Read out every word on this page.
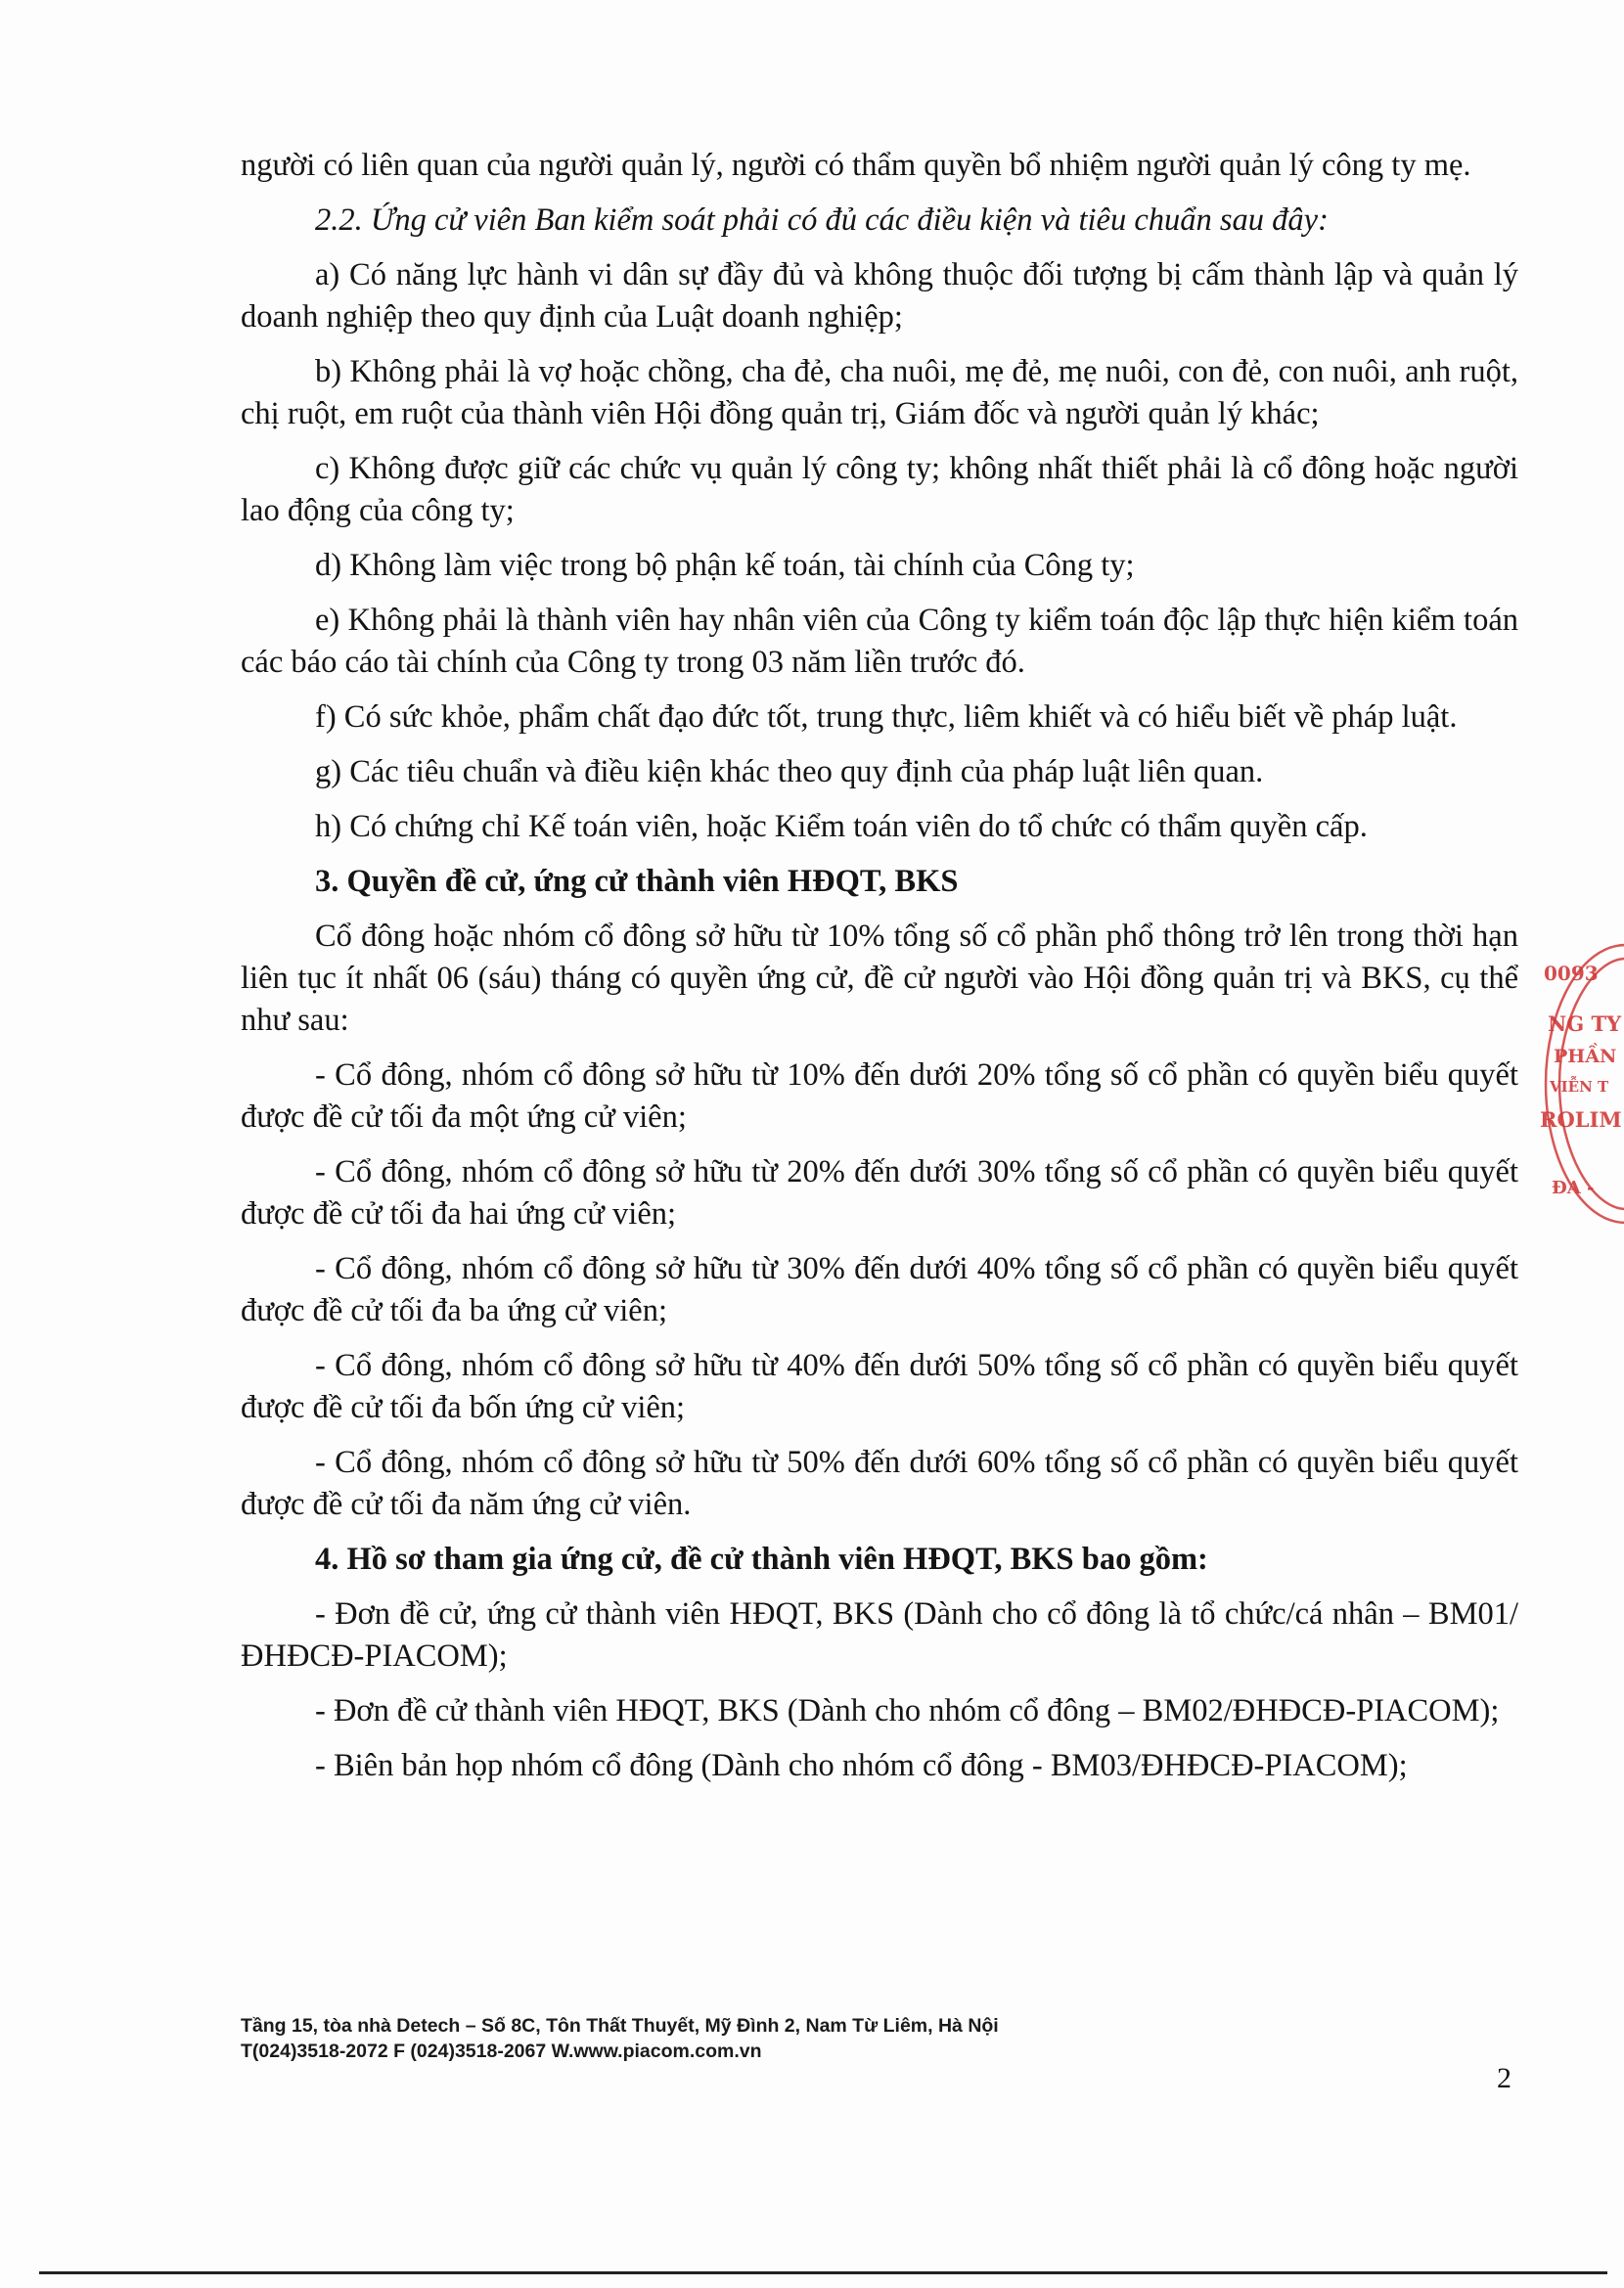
người có liên quan của người quản lý, người có thẩm quyền bổ nhiệm người quản lý công ty mẹ.

2.2. Ứng cử viên Ban kiểm soát phải có đủ các điều kiện và tiêu chuẩn sau đây:

a) Có năng lực hành vi dân sự đầy đủ và không thuộc đối tượng bị cấm thành lập và quản lý doanh nghiệp theo quy định của Luật doanh nghiệp;

b) Không phải là vợ hoặc chồng, cha đẻ, cha nuôi, mẹ đẻ, mẹ nuôi, con đẻ, con nuôi, anh ruột, chị ruột, em ruột của thành viên Hội đồng quản trị, Giám đốc và người quản lý khác;

c) Không được giữ các chức vụ quản lý công ty; không nhất thiết phải là cổ đông hoặc người lao động của công ty;

d) Không làm việc trong bộ phận kế toán, tài chính của Công ty;

e) Không phải là thành viên hay nhân viên của Công ty kiểm toán độc lập thực hiện kiểm toán các báo cáo tài chính của Công ty trong 03 năm liền trước đó.

f) Có sức khỏe, phẩm chất đạo đức tốt, trung thực, liêm khiết và có hiểu biết về pháp luật.

g) Các tiêu chuẩn và điều kiện khác theo quy định của pháp luật liên quan.

h) Có chứng chỉ Kế toán viên, hoặc Kiểm toán viên do tổ chức có thẩm quyền cấp.

3. Quyền đề cử, ứng cử thành viên HĐQT, BKS

Cổ đông hoặc nhóm cổ đông sở hữu từ 10% tổng số cổ phần phổ thông trở lên trong thời hạn liên tục ít nhất 06 (sáu) tháng có quyền ứng cử, đề cử người vào Hội đồng quản trị và BKS, cụ thể như sau:

- Cổ đông, nhóm cổ đông sở hữu từ 10% đến dưới 20% tổng số cổ phần có quyền biểu quyết được đề cử tối đa một ứng cử viên;

- Cổ đông, nhóm cổ đông sở hữu từ 20% đến dưới 30% tổng số cổ phần có quyền biểu quyết được đề cử tối đa hai ứng cử viên;

- Cổ đông, nhóm cổ đông sở hữu từ 30% đến dưới 40% tổng số cổ phần có quyền biểu quyết được đề cử tối đa ba ứng cử viên;

- Cổ đông, nhóm cổ đông sở hữu từ 40% đến dưới 50% tổng số cổ phần có quyền biểu quyết được đề cử tối đa bốn ứng cử viên;

- Cổ đông, nhóm cổ đông sở hữu từ 50% đến dưới 60% tổng số cổ phần có quyền biểu quyết được đề cử tối đa năm ứng cử viên.

4. Hồ sơ tham gia ứng cử, đề cử thành viên HĐQT, BKS bao gồm:

- Đơn đề cử, ứng cử thành viên HĐQT, BKS (Dành cho cổ đông là tổ chức/cá nhân – BM01/ĐHĐCĐ-PIACOM);

- Đơn đề cử thành viên HĐQT, BKS (Dành cho nhóm cổ đông – BM02/ĐHĐCĐ-PIACOM);

- Biên bản họp nhóm cổ đông (Dành cho nhóm cổ đông - BM03/ĐHĐCĐ-PIACOM);

Tầng 15, tòa nhà Detech – Số 8C, Tôn Thất Thuyết, Mỹ Đình 2, Nam Từ Liêm, Hà Nội
T(024)3518-2072 F (024)3518-2067 W.www.piacom.com.vn
2
0093
NG TY
PHẦN
VIỄN T
ROLIM
ĐA -
